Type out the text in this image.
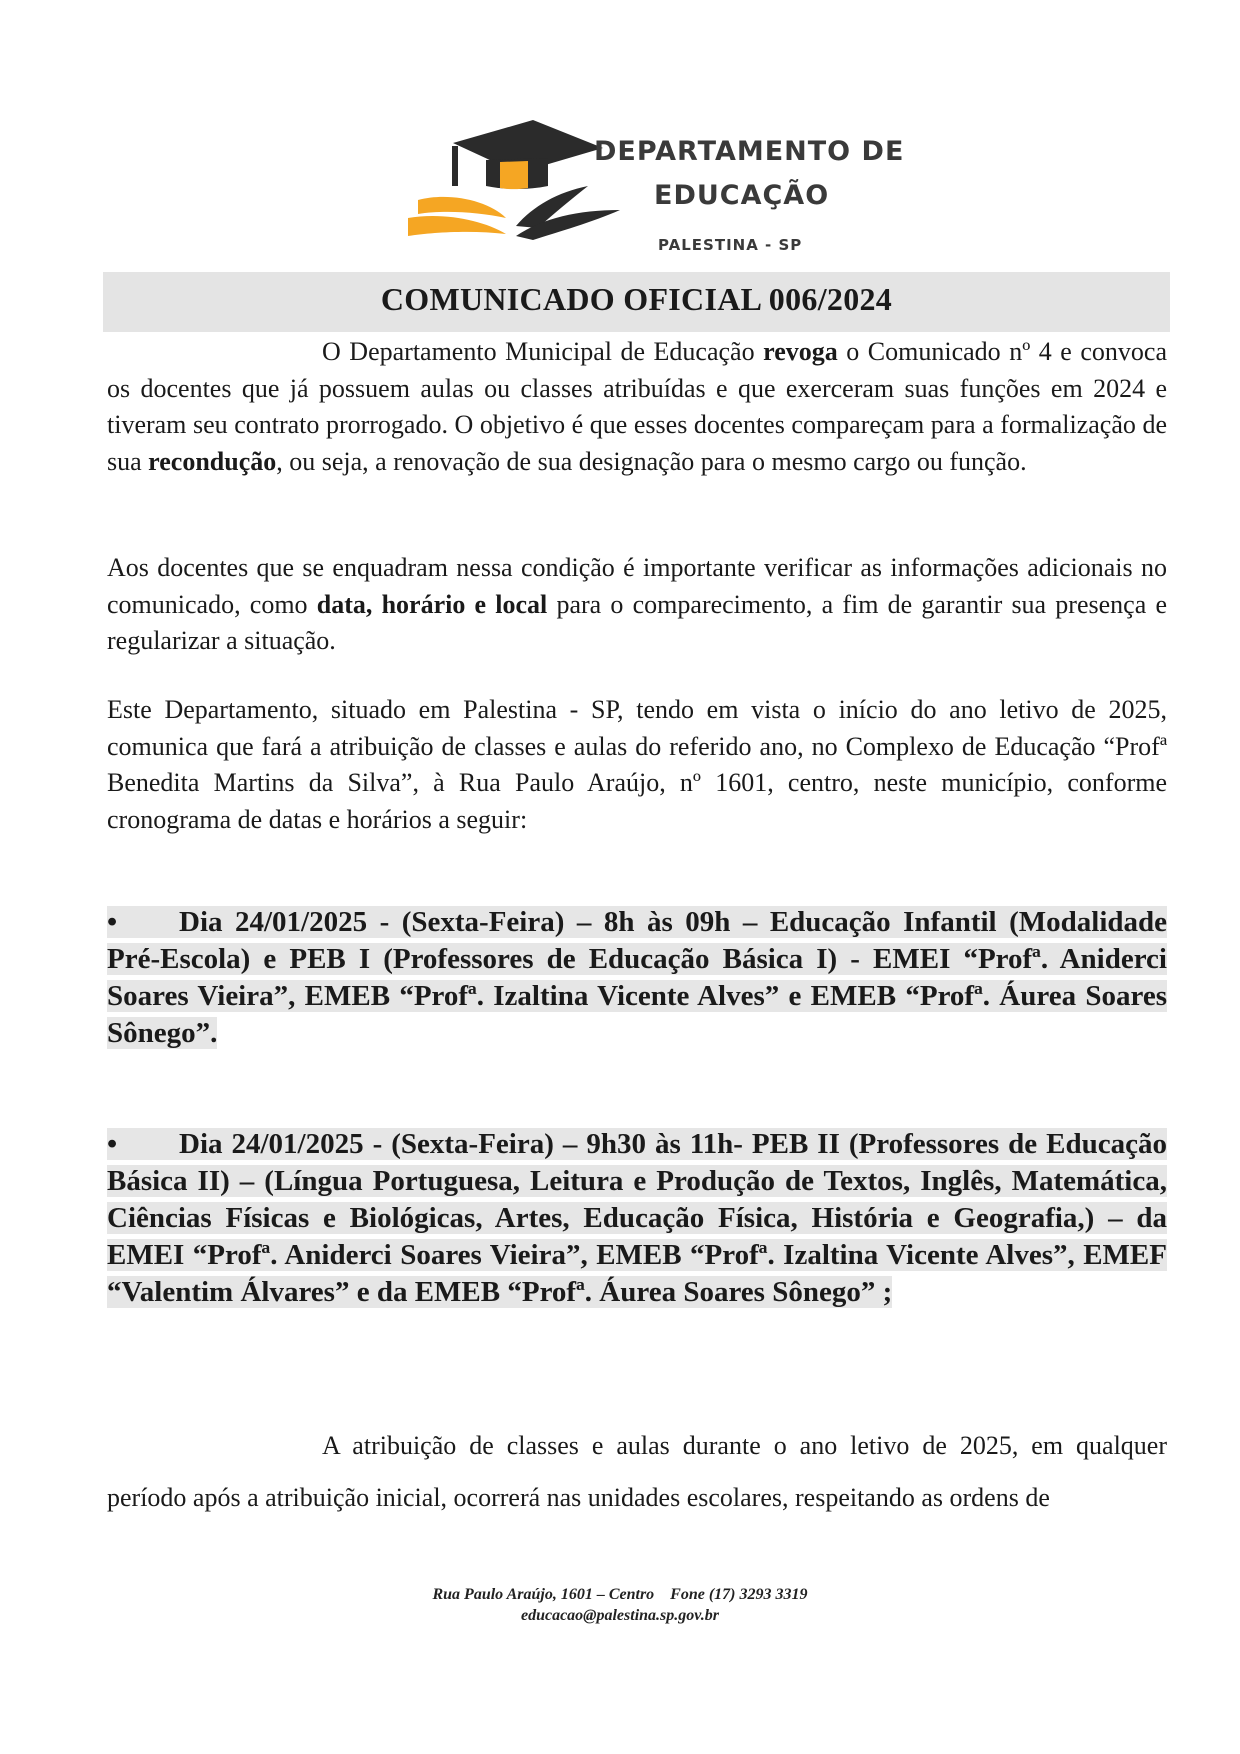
DEPARTAMENTO DE
EDUCAÇÃO
PALESTINA - SP
COMUNICADO OFICIAL 006/2024
O Departamento Municipal de Educação revoga o Comunicado nº 4 e convoca os docentes que já possuem aulas ou classes atribuídas e que exerceram suas funções em 2024 e tiveram seu contrato prorrogado. O objetivo é que esses docentes compareçam para a formalização de sua recondução, ou seja, a renovação de sua designação para o mesmo cargo ou função.
Aos docentes que se enquadram nessa condição é importante verificar as informações adicionais no comunicado, como data, horário e local para o comparecimento, a fim de garantir sua presença e regularizar a situação.
Este Departamento, situado em Palestina - SP, tendo em vista o início do ano letivo de 2025, comunica que fará a atribuição de classes e aulas do referido ano, no Complexo de Educação “Profª Benedita Martins da Silva”, à Rua Paulo Araújo, nº 1601, centro, neste município, conforme cronograma de datas e horários a seguir:
• Dia 24/01/2025 - (Sexta-Feira) – 8h às 09h – Educação Infantil (Modalidade Pré-Escola) e PEB I (Professores de Educação Básica I) - EMEI “Profª. Aniderci Soares Vieira”, EMEB “Profª. Izaltina Vicente Alves” e EMEB “Profª. Áurea Soares Sônego”.
• Dia 24/01/2025 - (Sexta-Feira) – 9h30 às 11h- PEB II (Professores de Educação Básica II) – (Língua Portuguesa, Leitura e Produção de Textos, Inglês, Matemática, Ciências Físicas e Biológicas, Artes, Educação Física, História e Geografia,) – da EMEI “Profª. Aniderci Soares Vieira”, EMEB “Profª. Izaltina Vicente Alves”, EMEF “Valentim Álvares” e da EMEB “Profª. Áurea Soares Sônego” ;
A atribuição de classes e aulas durante o ano letivo de 2025, em qualquer período após a atribuição inicial, ocorrerá nas unidades escolares, respeitando as ordens de
Rua Paulo Araújo, 1601 – Centro Fone (17) 3293 3319
educacao@palestina.sp.gov.br
